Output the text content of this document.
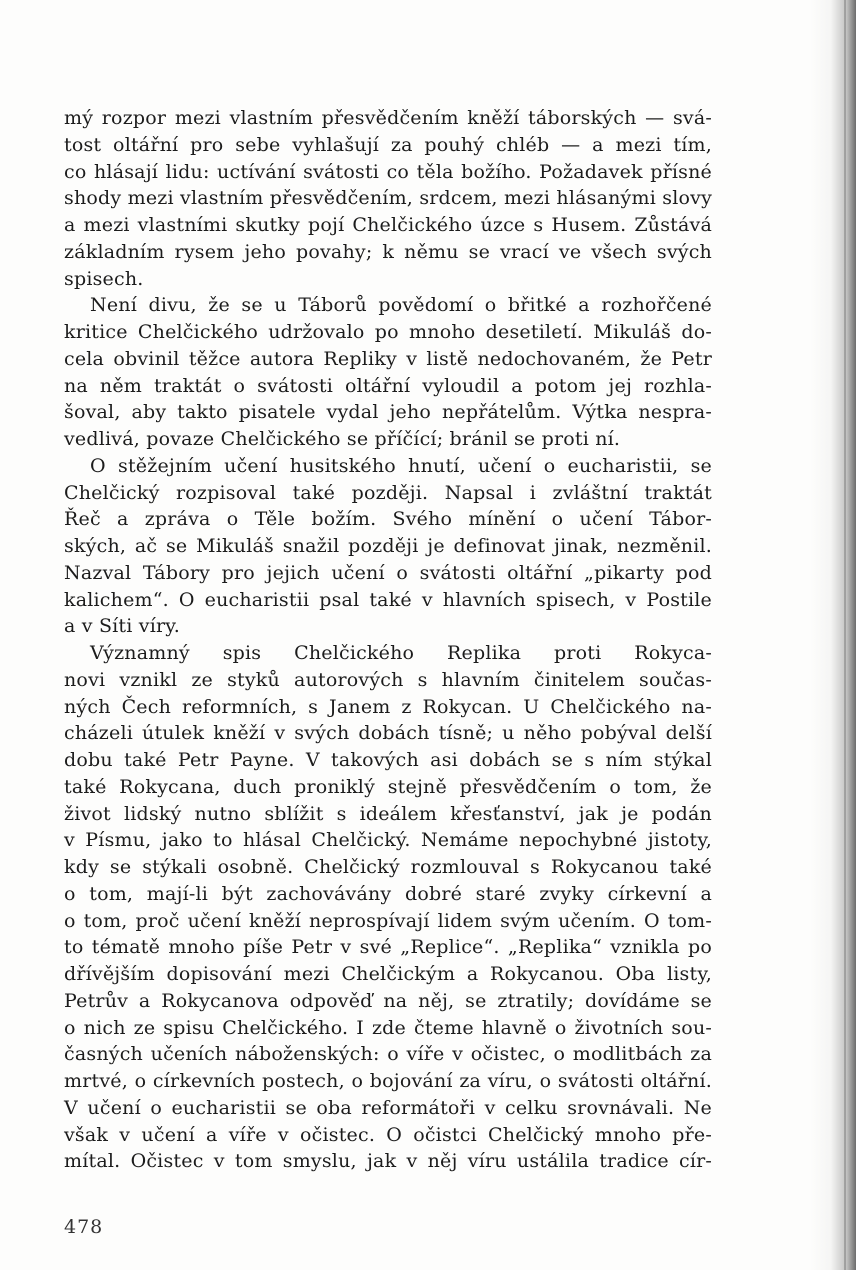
mý rozpor mezi vlastním přesvědčením kněží táborských — svá-
tost oltářní pro sebe vyhlašují za pouhý chléb — a mezi tím,
co hlásají lidu: uctívání svátosti co těla božího. Požadavek přísné
shody mezi vlastním přesvědčením, srdcem, mezi hlásanými slovy
a mezi vlastními skutky pojí Chelčického úzce s Husem. Zůstává
základním rysem jeho povahy; k němu se vrací ve všech svých
spisech.
Není divu, že se u Táborů povědomí o břitké a rozhořčené
kritice Chelčického udržovalo po mnoho desetiletí. Mikuláš do-
cela obvinil těžce autora Repliky v listě nedochovaném, že Petr
na něm traktát o svátosti oltářní vyloudil a potom jej rozhla-
šoval, aby takto pisatele vydal jeho nepřátelům. Výtka nespra-
vedlivá, povaze Chelčického se příčící; bránil se proti ní.
O stěžejním učení husitského hnutí, učení o eucharistii, se
Chelčický rozpisoval také později. Napsal i zvláštní traktát
Řeč a zpráva o Těle božím. Svého mínění o učení Tábor-
ských, ač se Mikuláš snažil později je definovat jinak, nezměnil.
Nazval Tábory pro jejich učení o svátosti oltářní „pikarty pod
kalichem“. O eucharistii psal také v hlavních spisech, v Postile
a v Síti víry.
Významný spis Chelčického Replika proti Rokyca-
novi vznikl ze styků autorových s hlavním činitelem součas-
ných Čech reformních, s Janem z Rokycan. U Chelčického na-
cházeli útulek kněží v svých dobách tísně; u něho pobýval delší
dobu také Petr Payne. V takových asi dobách se s ním stýkal
také Rokycana, duch proniklý stejně přesvědčením o tom, že
život lidský nutno sblížit s ideálem křesťanství, jak je podán
v Písmu, jako to hlásal Chelčický. Nemáme nepochybné jistoty,
kdy se stýkali osobně. Chelčický rozmlouval s Rokycanou také
o tom, mají-li být zachovávány dobré staré zvyky církevní a
o tom, proč učení kněží neprospívají lidem svým učením. O tom-
to tématě mnoho píše Petr v své „Replice“. „Replika“ vznikla po
dřívějším dopisování mezi Chelčickým a Rokycanou. Oba listy,
Petrův a Rokycanova odpověď na něj, se ztratily; dovídáme se
o nich ze spisu Chelčického. I zde čteme hlavně o životních sou-
časných učeních náboženských: o víře v očistec, o modlitbách za
mrtvé, o církevních postech, o bojování za víru, o svátosti oltářní.
V učení o eucharistii se oba reformátoři v celku srovnávali. Ne
však v učení a víře v očistec. O očistci Chelčický mnoho pře-
mítal. Očistec v tom smyslu, jak v něj víru ustálila tradice cír-
478
